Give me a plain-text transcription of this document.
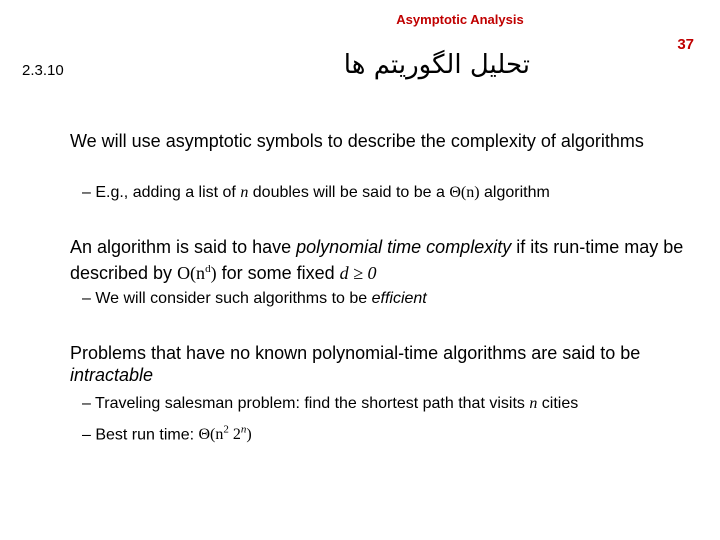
Asymptotic Analysis
37
2.3.10	تحلیل الگوریتم ها
We will use asymptotic symbols to describe the complexity of algorithms
– E.g., adding a list of n doubles will be said to be a Θ(n) algorithm
An algorithm is said to have polynomial time complexity if its run-time may be described by $O(n^d)$ for some fixed d ≥ 0
– We will consider such algorithms to be efficient
Problems that have no known polynomial-time algorithms are said to be intractable
– Traveling salesman problem: find the shortest path that visits n cities
– Best run time: $\Theta(n^2$ 2$^n$)
